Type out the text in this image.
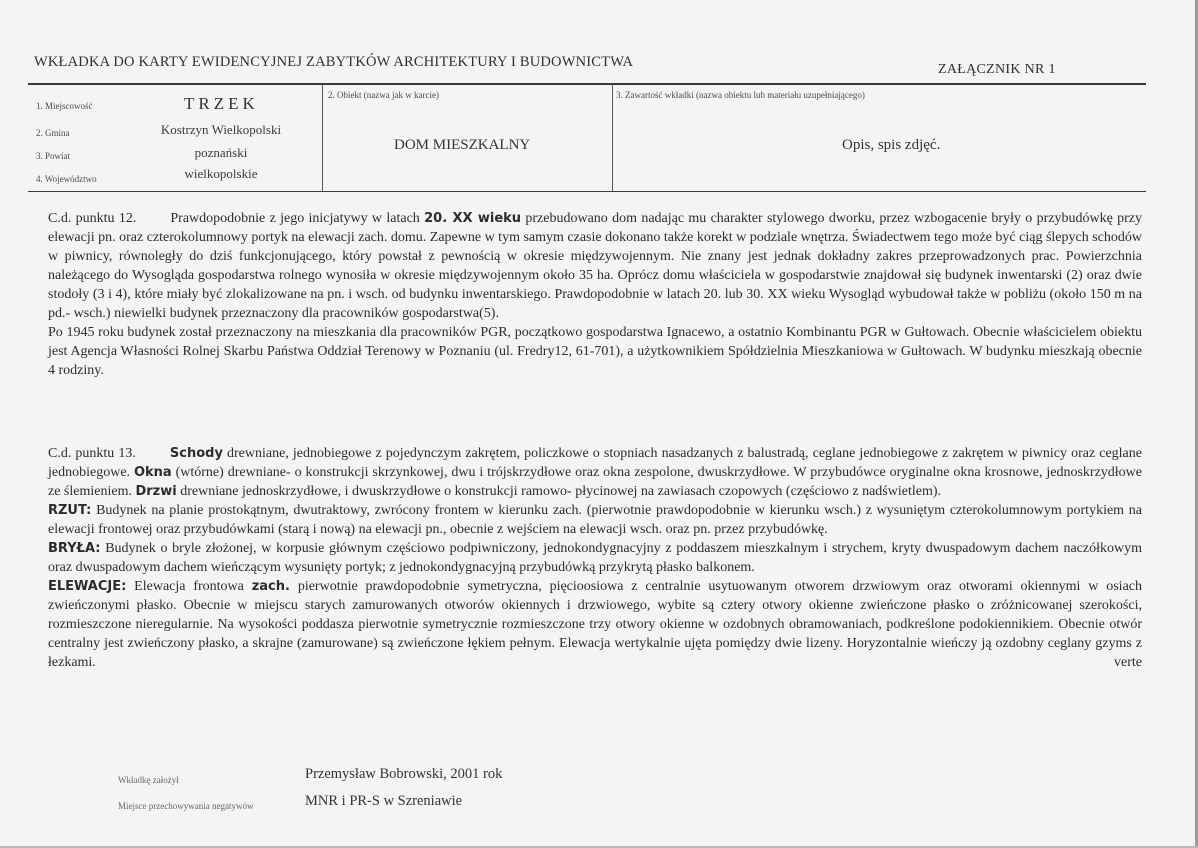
WKŁADKA DO KARTY EWIDENCYJNEJ ZABYTKÓW ARCHITEKTURY I BUDOWNICTWA	ZAŁĄCZNIK NR 1
1. Miejscowość	TRZEK
2. Gmina	Kostrzyn Wielkopolski
3. Powiat	poznański
4. Województwo	wielkopolskie
2. Obiekt (nazwa jak w karcie)
DOM MIESZKALNY
3. Zawartość wkładki (nazwa obiektu lub materiału uzupełniającego)
Opis, spis zdjęć.

C.d. punktu 12. Prawdopodobnie z jego inicjatywy w latach 20. XX wieku przebudowano dom nadając mu charakter stylowego dworku, przez wzbogacenie bryły o przybudówkę przy elewacji pn. oraz czterokolumnowy portyk na elewacji zach. domu. Zapewne w tym samym czasie dokonano także korekt w podziale wnętrza. Świadectwem tego może być ciąg ślepych schodów w piwnicy, równoległy do dziś funkcjonującego, który powstał z pewnością w okresie międzywojennym. Nie znany jest jednak dokładny zakres przeprowadzonych prac. Powierzchnia należącego do Wysogląda gospodarstwa rolnego wynosiła w okresie międzywojennym około 35 ha. Oprócz domu właściciela w gospodarstwie znajdował się budynek inwentarski (2) oraz dwie stodoły (3 i 4), które miały być zlokalizowane na pn. i wsch. od budynku inwentarskiego. Prawdopodobnie w latach 20. lub 30. XX wieku Wysogląd wybudował także w pobliżu (około 150 m na pd.- wsch.) niewielki budynek przeznaczony dla pracowników gospodarstwa(5).

Po 1945 roku budynek został przeznaczony na mieszkania dla pracowników PGR, początkowo gospodarstwa Ignacewo, a ostatnio Kombinantu PGR w Gułtowach. Obecnie właścicielem obiektu jest Agencja Własności Rolnej Skarbu Państwa Oddział Terenowy w Poznaniu (ul. Fredry12, 61-701), a użytkownikiem Spółdzielnia Mieszkaniowa w Gułtowach. W budynku mieszkają obecnie 4 rodziny.

C.d. punktu 13.	Schody drewniane, jednobiegowe z pojedynczym zakrętem, policzkowe o stopniach nasadzanych z balustradą, ceglane jednobiegowe z zakrętem w piwnicy oraz ceglane jednobiegowe. Okna (wtórne) drewniane- o konstrukcji skrzynkowej, dwu i trójskrzydłowe oraz okna zespolone, dwuskrzydłowe. W przybudówce oryginalne okna krosnowe, jednoskrzydłowe ze ślemieniem. Drzwi drewniane jednoskrzydłowe, i dwuskrzydłowe o konstrukcji ramowo- płycinowej na zawiasach czopowych (częściowo z nadświetlem).

RZUT: Budynek na planie prostokątnym, dwutraktowy, zwrócony frontem w kierunku zach. (pierwotnie prawdopodobnie w kierunku wsch.) z wysuniętym czterokolumnowym portykiem na elewacji frontowej oraz przybudówkami (starą i nową) na elewacji pn., obecnie z wejściem na elewacji wsch. oraz pn. przez przybudówkę.

BRYŁA: Budynek o bryle złożonej, w korpusie głównym częściowo podpiwniczony, jednokondygnacyjny z poddaszem mieszkalnym i strychem, kryty dwuspadowym dachem naczółkowym oraz dwuspadowym dachem wieńczącym wysunięty portyk; z jednokondygnacyjną przybudówką przykrytą płasko balkonem.

ELEWACJE: Elewacja frontowa zach. pierwotnie prawdopodobnie symetryczna, pięcioosiowa z centralnie usytuowanym otworem drzwiowym oraz otworami okiennymi w osiach zwieńczonymi płasko. Obecnie w miejscu starych zamurowanych otworów okiennych i drzwiowego, wybite są cztery otwory okienne zwieńczone płasko o zróżnicowanej szerokości, rozmieszczone nieregularnie. Na wysokości poddasza pierwotnie symetrycznie rozmieszczone trzy otwory okienne w ozdobnych obramowaniach, podkreślone podokiennikiem. Obecnie otwór centralny jest zwieńczony płasko, a skrajne (zamurowane) są zwieńczone łękiem pełnym. Elewacja wertykalnie ujęta pomiędzy dwie lizeny. Horyzontalnie wieńczy ją ozdobny ceglany gzyms z łezkami.	verte

Wkładkę założył	Przemysław Bobrowski, 2001 rok
Miejsce przechowywania negatywów	MNR i PR-S w Szreniawie
